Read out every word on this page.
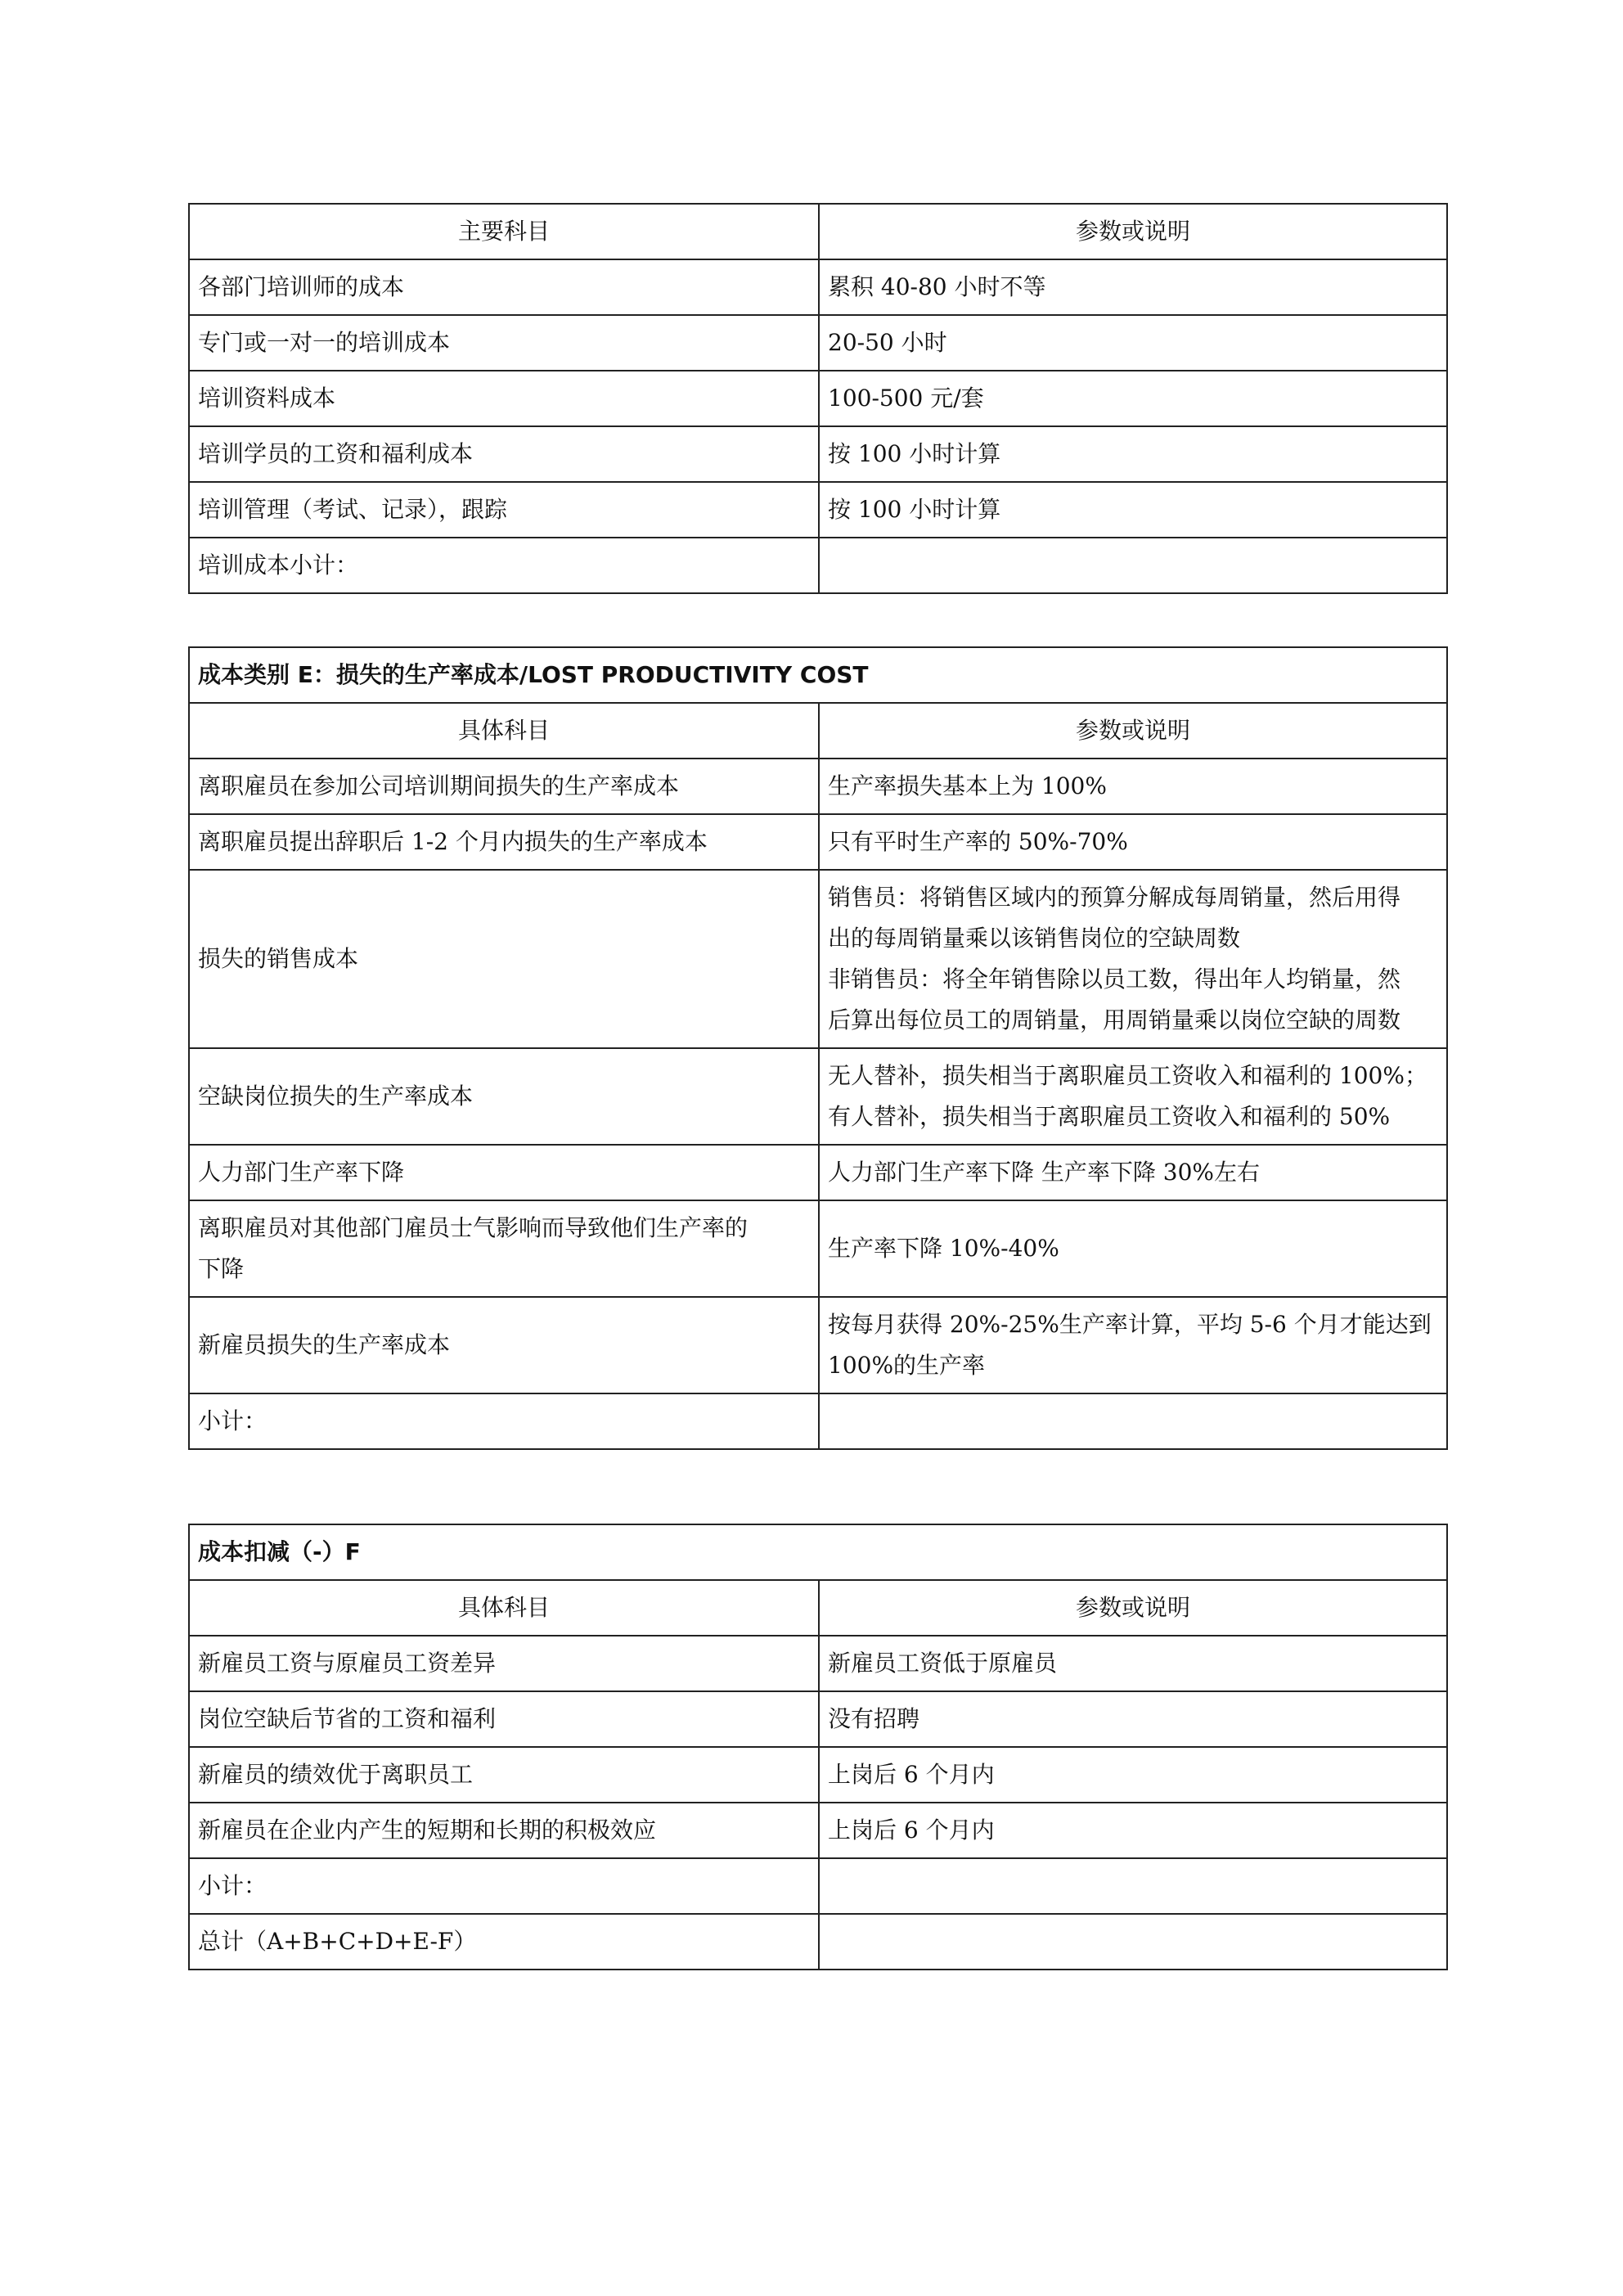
主要科目	参数或说明
各部门培训师的成本	累积 40-80 小时不等
专门或一对一的培训成本	20-50 小时
培训资料成本	100-500 元/套
培训学员的工资和福利成本	按 100 小时计算
培训管理（考试、记录），跟踪	按 100 小时计算
培训成本小计：	
成本类别 E：损失的生产率成本/LOST PRODUCTIVITY COST	
具体科目	参数或说明
离职雇员在参加公司培训期间损失的生产率成本	生产率损失基本上为 100%
离职雇员提出辞职后 1-2 个月内损失的生产率成本	只有平时生产率的 50%-70%
损失的销售成本	销售员：将销售区域内的预算分解成每周销量，然后用得
出的每周销量乘以该销售岗位的空缺周数
非销售员：将全年销售除以员工数，得出年人均销量，然
后算出每位员工的周销量，用周销量乘以岗位空缺的周数

空缺岗位损失的生产率成本	无人替补，损失相当于离职雇员工资收入和福利的 100%；
有人替补，损失相当于离职雇员工资收入和福利的 50%

人力部门生产率下降	人力部门生产率下降 生产率下降 30%左右

离职雇员对其他部门雇员士气影响而导致他们生产率的
下降	生产率下降 10%-40%
新雇员损失的生产率成本	按每月获得 20%-25%生产率计算，平均 5-6 个月才能达到
100%的生产率

小计：	
成本扣减（-）F	
具体科目	参数或说明
新雇员工资与原雇员工资差异	新雇员工资低于原雇员
岗位空缺后节省的工资和福利	没有招聘
新雇员的绩效优于离职员工	上岗后 6 个月内
新雇员在企业内产生的短期和长期的积极效应	上岗后 6 个月内
小计：	
总计（A+B+C+D+E-F）	
